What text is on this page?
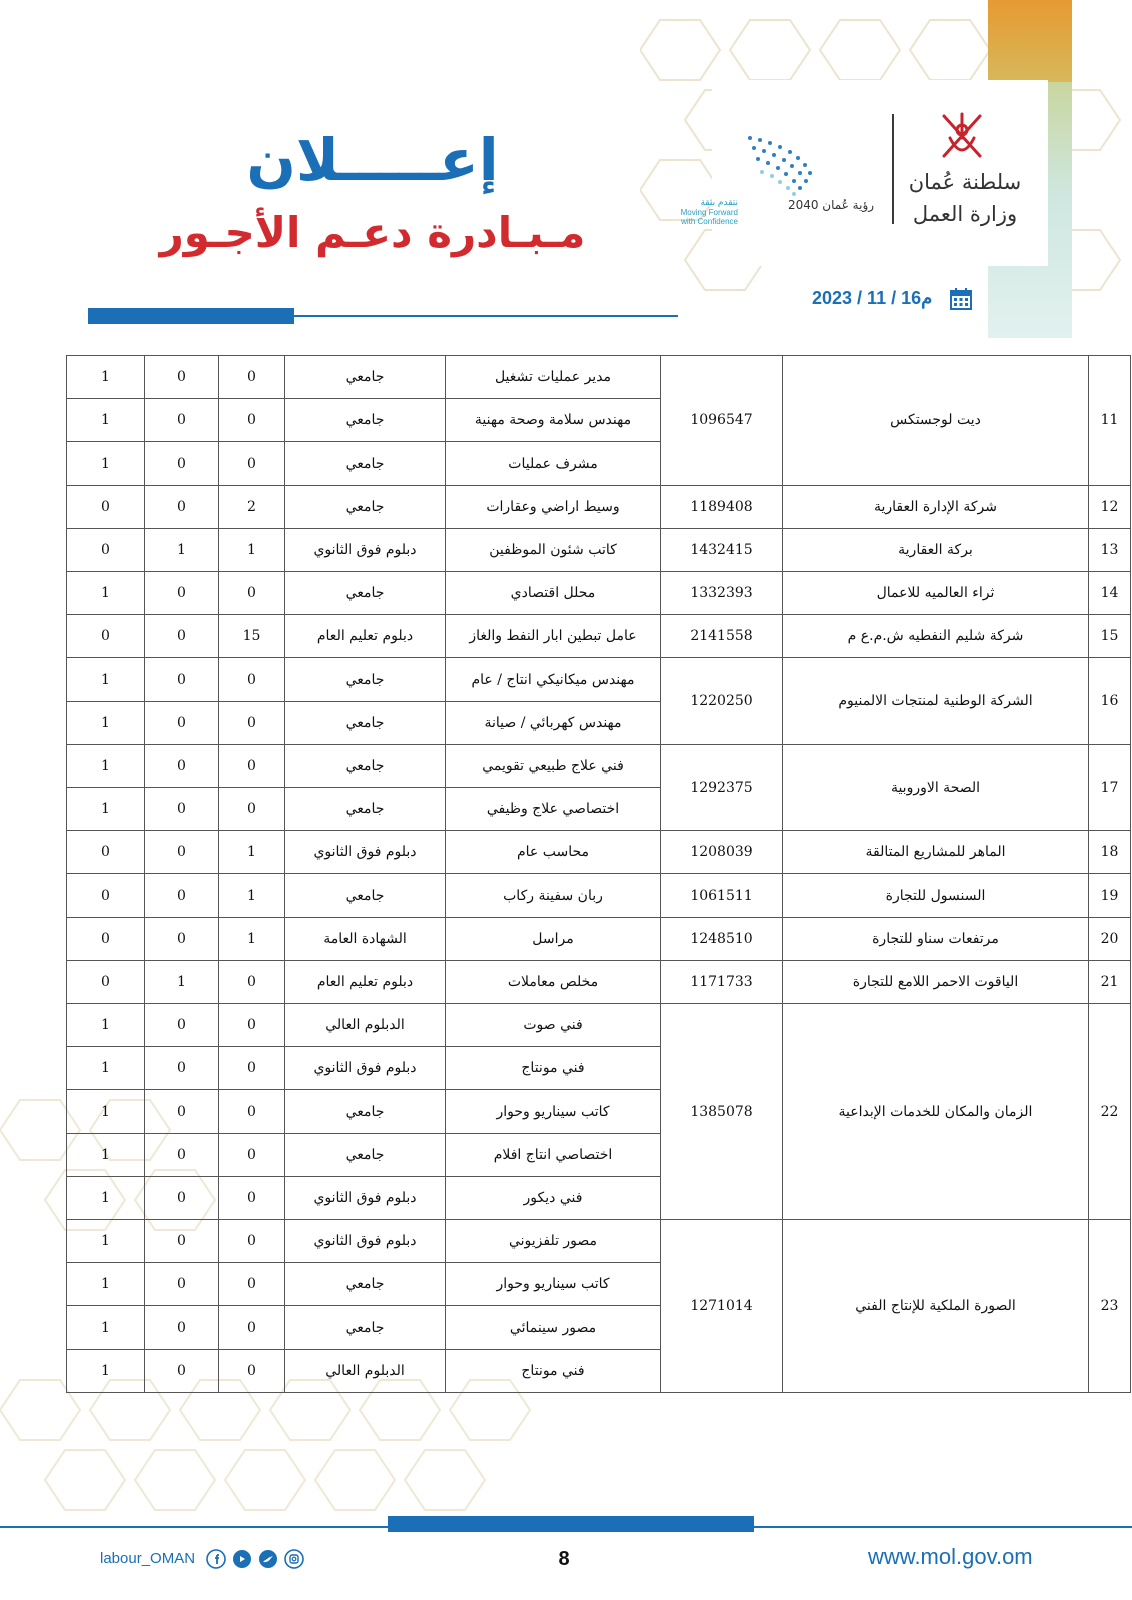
سلطنة عُمان
وزارة العمل
رؤية عُمان 2040
نتقدم بثقة
Moving Forward
with Confidence
إعـــــلان
مـبـادرة دعـم الأجـور
2023 / 11 / 16م
11	ديت لوجستكس	1096547	مدير عمليات تشغيل	جامعي	0	0	1
			مهندس سلامة وصحة مهنية	جامعي	0	0	1
			مشرف عمليات	جامعي	0	0	1
12	شركة الإدارة العقارية	1189408	وسيط اراضي وعقارات	جامعي	2	0	0
13	بركة العقارية	1432415	كاتب شئون الموظفين	دبلوم فوق الثانوي	1	1	0
14	ثراء العالميه للاعمال	1332393	محلل اقتصادي	جامعي	0	0	1
15	شركة شليم النفطيه ش.م.ع م	2141558	عامل تبطين ابار النفط والغاز	دبلوم تعليم العام	15	0	0
16	الشركة الوطنية لمنتجات الالمنيوم	1220250	مهندس ميكانيكي انتاج / عام	جامعي	0	0	1
			مهندس كهربائي / صيانة	جامعي	0	0	1
17	الصحة الاوروبية	1292375	فني علاج طبيعي تقويمي	جامعي	0	0	1
			اختصاصي علاج وظيفي	جامعي	0	0	1
18	الماهر للمشاريع المتالقة	1208039	محاسب عام	دبلوم فوق الثانوي	1	0	0
19	السنسول للتجارة	1061511	ربان سفينة ركاب	جامعي	1	0	0
20	مرتفعات سناو للتجارة	1248510	مراسل	الشهادة العامة	1	0	0
21	الياقوت الاحمر اللامع للتجارة	1171733	مخلص معاملات	دبلوم تعليم العام	0	1	0
22	الزمان والمكان للخدمات الإبداعية	1385078	فني صوت	الدبلوم العالي	0	0	1
			فني مونتاج	دبلوم فوق الثانوي	0	0	1
			كاتب سيناريو وحوار	جامعي	0	0	1
			اختصاصي انتاج افلام	جامعي	0	0	1
			فني ديكور	دبلوم فوق الثانوي	0	0	1
23	الصورة الملكية للإنتاج الفني	1271014	مصور تلفزيوني	دبلوم فوق الثانوي	0	0	1
			كاتب سيناريو وحوار	جامعي	0	0	1
			مصور سينمائي	جامعي	0	0	1
			فني مونتاج	الدبلوم العالي	0	0	1
8	www.mol.gov.om
labour_OMAN
